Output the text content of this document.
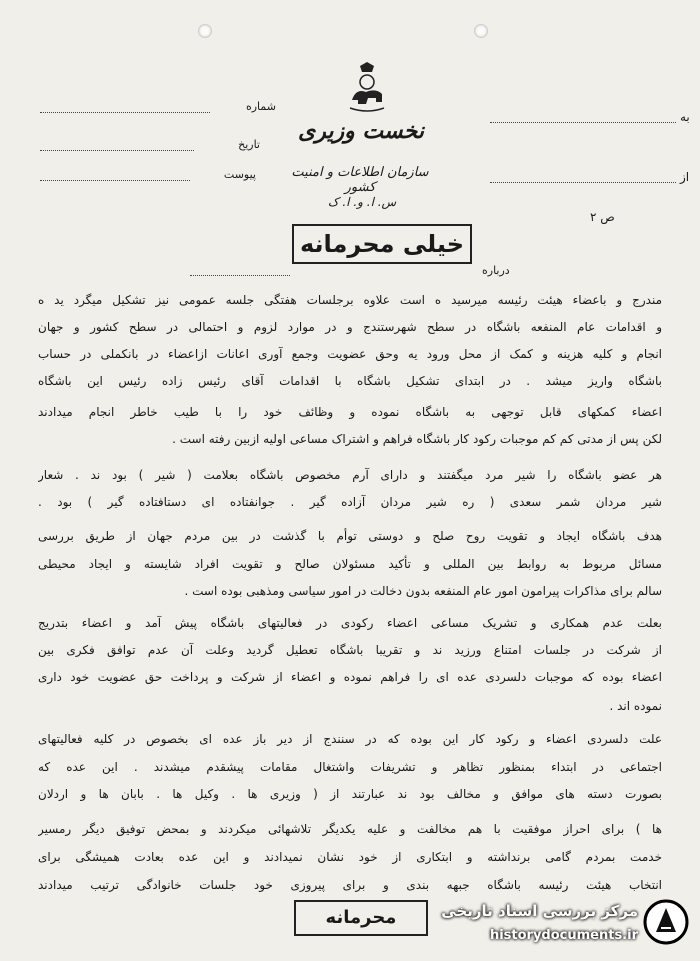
نخست وزیری
سازمان اطلاعات و امنیت کشور
س. ا. و. ا. ک
به
از
شماره
تاریخ
پیوست
ص ۲
خیلی محرمانه
درباره
مندرج و باعضاء هیئت رئیسه میرسید ه است علاوه برجلسات هفتگی جلسه عمومی نیز تشکیل میگرد ید ه
و اقدامات عام المنفعه باشگاه در سطح شهرستندج و در موارد لزوم و احتمالی در سطح کشور و جهان
انجام و کلیه هزینه و کمک از محل ورود یه وحق عضویت وجمع آوری اعانات ازاعضاء در بانکملی در حساب
باشگاه واریز میشد . در ابتدای تشکیل باشگاه با اقدامات آقای رئیس زاده رئیس این باشگاه
اعضاء کمکهای قابل توجهی به باشگاه نموده و وظائف خود را با طیب خاطر انجام میدادند
لکن پس از مدتی کم کم موجبات رکود کار باشگاه فراهم و اشتراک مساعی اولیه ازبین رفته است .
هر عضو باشگاه را شیر مرد میگفتند و دارای آرم مخصوص باشگاه بعلامت ( شیر ) بود ند . شعار
شیر مردان شمر سعدی ( ره شیر مردان آزاده گیر . جوانفتاده ای دستافتاده گیر ) بود .
هدف باشگاه ایجاد و تقویت روح صلح و دوستی توأم با گذشت در بین مردم جهان از طریق بررسی
مسائل مربوط به روابط بین المللی و تأکید مسئولان صالح و تقویت افراد شایسته و ایجاد محیطی
سالم برای مذاکرات پیرامون امور عام المنفعه بدون دخالت در امور سیاسی ومذهبی بوده است .
بعلت عدم همکاری و تشریک مساعی اعضاء رکودی در فعالیتهای باشگاه پیش آمد و اعضاء بتدریج
از شرکت در جلسات امتناع ورزید ند و تقریبا باشگاه تعطیل گردید وعلت آن عدم توافق فکری بین
اعضاء بوده که موجبات دلسردی عده ای را فراهم نموده و اعضاء از شرکت و پرداخت حق عضویت خود داری
نموده اند .
علت دلسردی اعضاء و رکود کار این بوده که در سنندج از دیر باز عده ای بخصوص در کلیه فعالیتهای
اجتماعی در ابتداء بمنظور تظاهر و تشریفات واشتغال مقامات پیشقدم میشدند . این عده که
بصورت دسته های موافق و مخالف بود ند عبارتند از ( وزیری ها . وکیل ها . بابان ها و اردلان
ها ) برای احراز موفقیت با هم مخالفت و علیه یکدیگر تلاشهائی میکردند و بمحض توفیق دیگر رمسیر
خدمت بمردم گامی برنداشته و ابتکاری از خود نشان نمیدادند و این عده بعادت همیشگی برای
انتخاب هیئت رئیسه باشگاه جبهه بندی و برای پیروزی خود جلسات خانوادگی ترتیب میدادند
محرمانه	مرکز بررسی اسناد تاریخی
historydocuments.ir
